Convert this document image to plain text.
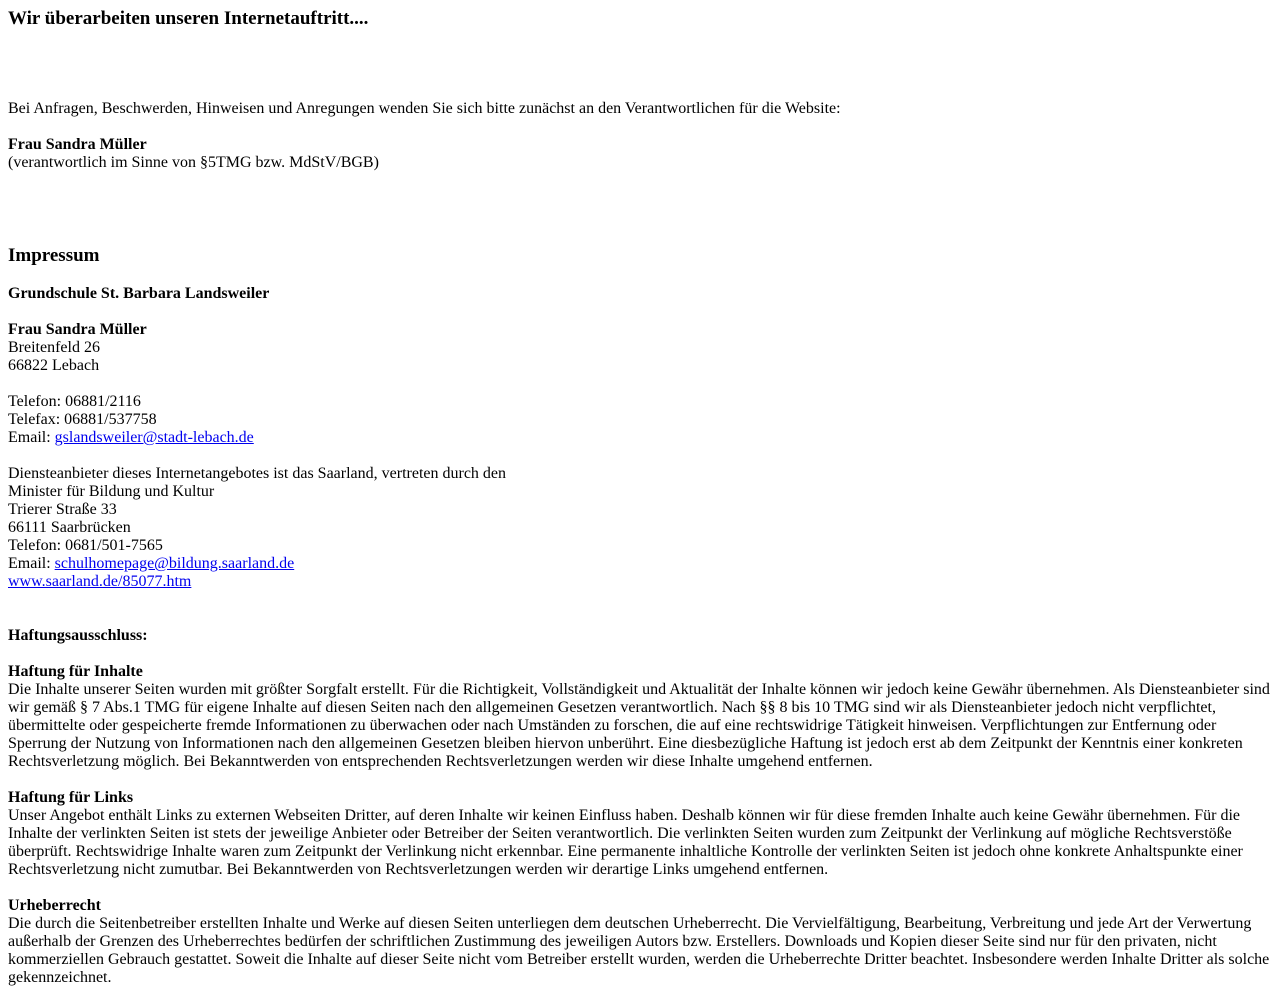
Wir überarbeiten unseren Internetauftritt....
Bei Anfragen, Beschwerden, Hinweisen und Anregungen wenden Sie sich bitte zunächst an den Verantwortlichen für die Website:

Frau Sandra Müller
(verantwortlich im Sinne von §5TMG bzw. MdStV/BGB)
Impressum
Grundschule St. Barbara Landsweiler

Frau Sandra Müller
Breitenfeld 26
66822 Lebach

Telefon: 06881/2116
Telefax: 06881/537758
Email: gslandsweiler@stadt-lebach.de

Diensteanbieter dieses Internetangebotes ist das Saarland, vertreten durch den
Minister für Bildung und Kultur
Trierer Straße 33
66111 Saarbrücken
Telefon: 0681/501-7565
Email: schulhomepage@bildung.saarland.de
www.saarland.de/85077.htm
Haftungsausschluss:

Haftung für Inhalte
Die Inhalte unserer Seiten wurden mit größter Sorgfalt erstellt. Für die Richtigkeit, Vollständigkeit und Aktualität der Inhalte können wir jedoch keine Gewähr übernehmen. Als Diensteanbieter sind wir gemäß § 7 Abs.1 TMG für eigene Inhalte auf diesen Seiten nach den allgemeinen Gesetzen verantwortlich. Nach §§ 8 bis 10 TMG sind wir als Diensteanbieter jedoch nicht verpflichtet, übermittelte oder gespeicherte fremde Informationen zu überwachen oder nach Umständen zu forschen, die auf eine rechtswidrige Tätigkeit hinweisen. Verpflichtungen zur Entfernung oder Sperrung der Nutzung von Informationen nach den allgemeinen Gesetzen bleiben hiervon unberührt. Eine diesbezügliche Haftung ist jedoch erst ab dem Zeitpunkt der Kenntnis einer konkreten Rechtsverletzung möglich. Bei Bekanntwerden von entsprechenden Rechtsverletzungen werden wir diese Inhalte umgehend entfernen.

Haftung für Links
Unser Angebot enthält Links zu externen Webseiten Dritter, auf deren Inhalte wir keinen Einfluss haben. Deshalb können wir für diese fremden Inhalte auch keine Gewähr übernehmen. Für die Inhalte der verlinkten Seiten ist stets der jeweilige Anbieter oder Betreiber der Seiten verantwortlich. Die verlinkten Seiten wurden zum Zeitpunkt der Verlinkung auf mögliche Rechtsverstöße überprüft. Rechtswidrige Inhalte waren zum Zeitpunkt der Verlinkung nicht erkennbar. Eine permanente inhaltliche Kontrolle der verlinkten Seiten ist jedoch ohne konkrete Anhaltspunkte einer Rechtsverletzung nicht zumutbar. Bei Bekanntwerden von Rechtsverletzungen werden wir derartige Links umgehend entfernen.

Urheberrecht
Die durch die Seitenbetreiber erstellten Inhalte und Werke auf diesen Seiten unterliegen dem deutschen Urheberrecht. Die Vervielfältigung, Bearbeitung, Verbreitung und jede Art der Verwertung außerhalb der Grenzen des Urheberrechtes bedürfen der schriftlichen Zustimmung des jeweiligen Autors bzw. Erstellers. Downloads und Kopien dieser Seite sind nur für den privaten, nicht kommerziellen Gebrauch gestattet. Soweit die Inhalte auf dieser Seite nicht vom Betreiber erstellt wurden, werden die Urheberrechte Dritter beachtet. Insbesondere werden Inhalte Dritter als solche gekennzeichnet.
